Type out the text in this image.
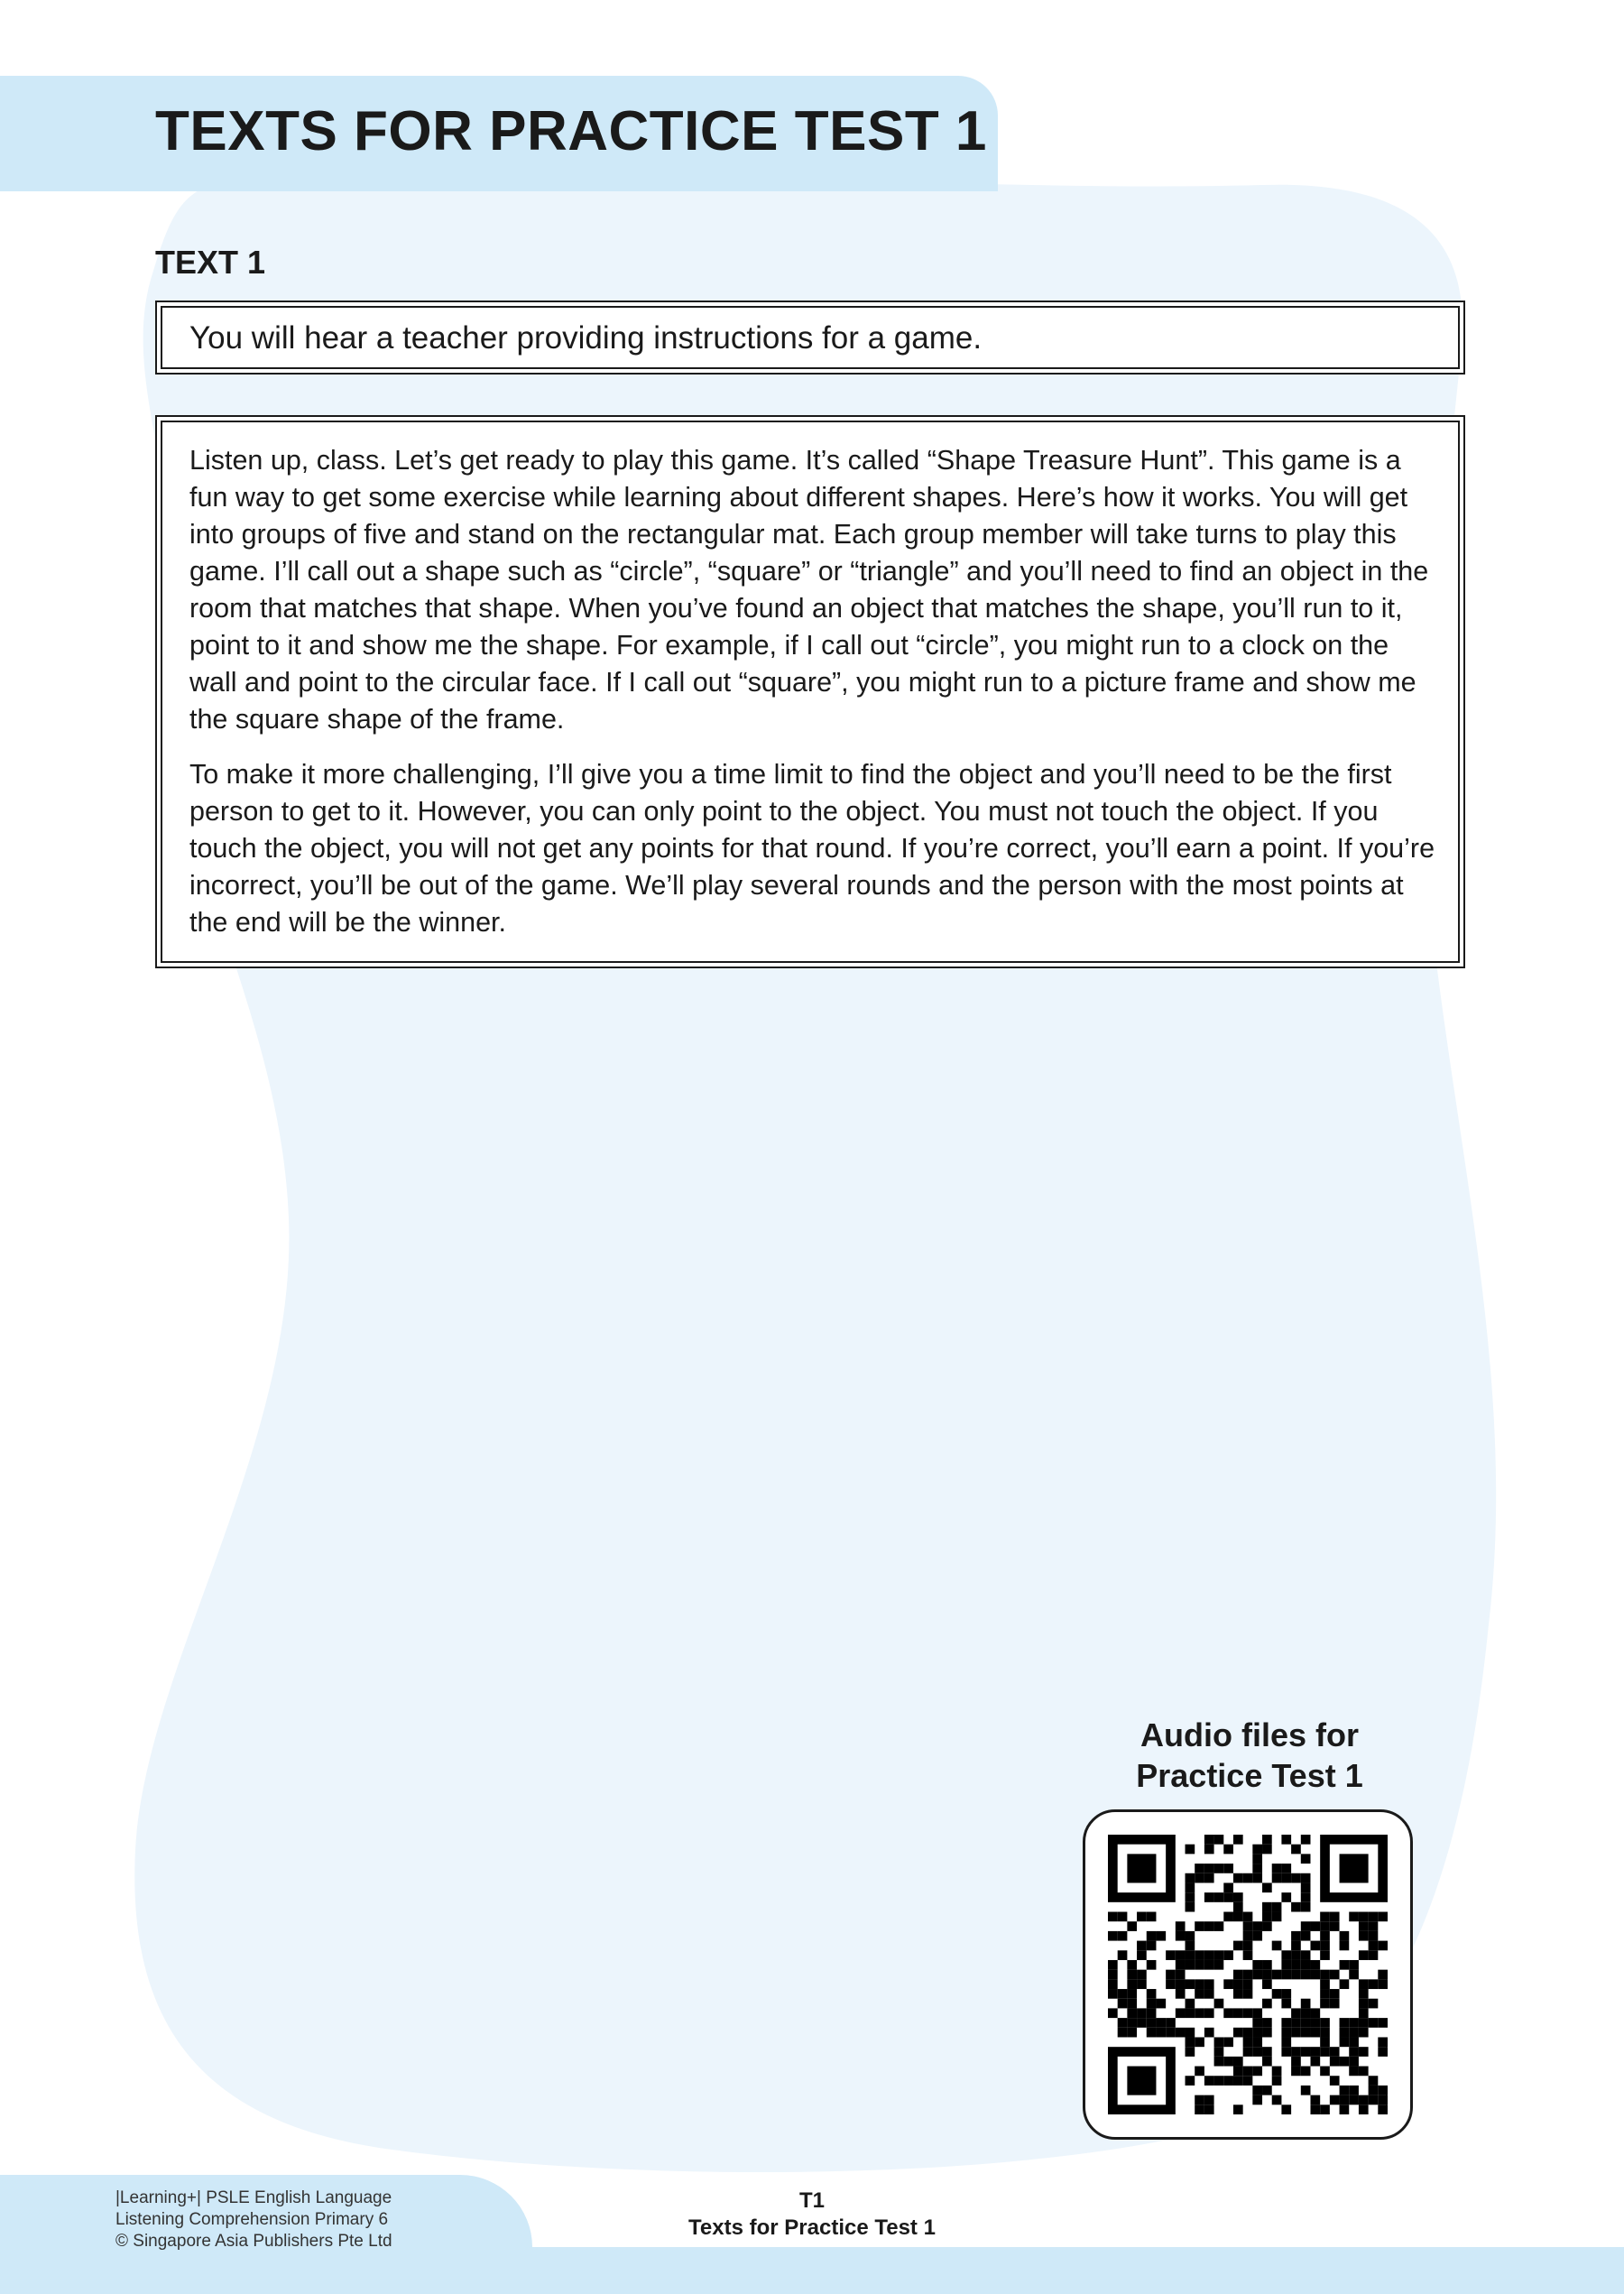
TEXTS FOR PRACTICE TEST 1
TEXT 1
You will hear a teacher providing instructions for a game.

Listen up, class. Let’s get ready to play this game. It’s called “Shape Treasure Hunt”. This game is a fun way to get some exercise while learning about different shapes. Here’s how it works. You will get into groups of five and stand on the rectangular mat. Each group member will take turns to play this game. I’ll call out a shape such as “circle”, “square” or “triangle” and you’ll need to find an object in the room that matches that shape. When you’ve found an object that matches the shape, you’ll run to it, point to it and show me the shape. For example, if I call out “circle”, you might run to a clock on the wall and point to the circular face. If I call out “square”, you might run to a picture frame and show me the square shape of the frame.

To make it more challenging, I’ll give you a time limit to find the object and you’ll need to be the first person to get to it. However, you can only point to the object. You must not touch the object. If you touch the object, you will not get any points for that round. If you’re correct, you’ll earn a point. If you’re incorrect, you’ll be out of the game. We’ll play several rounds and the person with the most points at the end will be the winner.

Audio files for
Practice Test 1
|Learning+| PSLE English Language
Listening Comprehension Primary 6
© Singapore Asia Publishers Pte Ltd
T1
Texts for Practice Test 1
